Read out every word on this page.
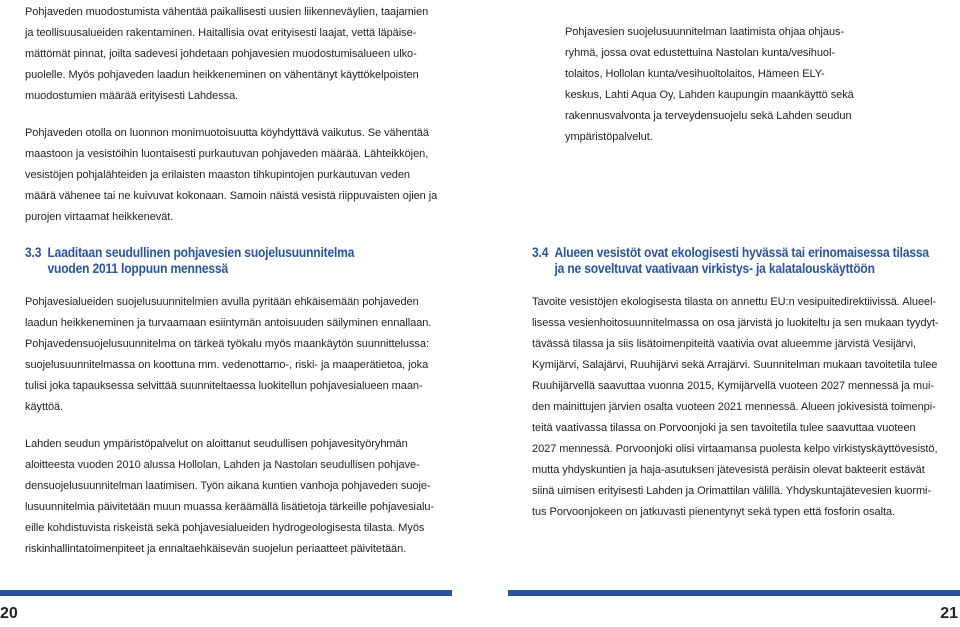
Pohjaveden muodostumista vähentää paikallisesti uusien liikenneväylien, taajamien
ja teollisuusalueiden rakentaminen. Haitallisia ovat erityisesti laajat, vettä läpäise-
mättömät pinnat, joilta sadevesi johdetaan pohjavesien muodostumisalueen ulko-
puolelle. Myös pohjaveden laadun heikkeneminen on vähentänyt käyttökelpoisten
muodostumien määrää erityisesti Lahdessa.

Pohjaveden otolla on luonnon monimuotoisuutta köyhdyttävä vaikutus. Se vähentää
maastoon ja vesistöihin luontaisesti purkautuvan pohjaveden määrää. Lähteikköjen,
vesistöjen pohjalähteiden ja erilaisten maaston tihkupintojen purkautuvan veden
määrä vähenee tai ne kuivuvat kokonaan. Samoin näistä vesistä riippuvaisten ojien ja
purojen virtaamat heikkenevät.

Pohjavesien suojelusuunnitelman laatimista ohjaa ohjaus-
ryhmä, jossa ovat edustettuina Nastolan kunta/vesihuol-
tolaitos, Hollolan kunta/vesihuoltolaitos, Hämeen ELY-
keskus, Lahti Aqua Oy, Lahden kaupungin maankäyttö sekä
rakennusvalvonta ja terveydensuojelu sekä Lahden seudun
ympäristöpalvelut.

3.3 Laaditaan seudullinen pohjavesien suojelusuunnitelma
vuoden 2011 loppuun mennessä
3.4 Alueen vesistöt ovat ekologisesti hyvässä tai erinomaisessa tilassa
ja ne soveltuvat vaativaan virkistys- ja kalatalouskäyttöön

Pohjavesialueiden suojelusuunnitelmien avulla pyritään ehkäisemään pohjaveden
laadun heikkeneminen ja turvaamaan esiintymän antoisuuden säilyminen ennallaan.
Pohjavedensuojelusuunnitelma on tärkeä työkalu myös maankäytön suunnittelussa:
suojelusuunnitelmassa on koottuna mm. vedenottamo-, riski- ja maaperätietoa, joka
tulisi joka tapauksessa selvittää suunniteltaessa luokitellun pohjavesialueen maan-
käyttöä.

Lahden seudun ympäristöpalvelut on aloittanut seudullisen pohjavesityöryhmän
aloitteesta vuoden 2010 alussa Hollolan, Lahden ja Nastolan seudullisen pohjave-
densuojelusuunnitelman laatimisen. Työn aikana kuntien vanhoja pohjaveden suoje-
lusuunnitelmia päivitetään muun muassa keräämällä lisätietoja tärkeille pohjavesialu-
eille kohdistuvista riskeistä sekä pohjavesialueiden hydrogeologisesta tilasta. Myös
riskinhallintatoimenpiteet ja ennaltaehkäisevän suojelun periaatteet päivitetään.

Tavoite vesistöjen ekologisesta tilasta on annettu EU:n vesipuitedirektiivissä. Alueel-
lisessa vesienhoitosuunnitelmassa on osa järvistä jo luokiteltu ja sen mukaan tyydyt-
tävässä tilassa ja siis lisätoimenpiteitä vaativia ovat alueemme järvistä Vesijärvi,
Kymijärvi, Salajärvi, Ruuhijärvi sekä Arrajärvi. Suunnitelman mukaan tavoitetila tulee
Ruuhijärvellä saavuttaa vuonna 2015, Kymijärvellä vuoteen 2027 mennessä ja mui-
den mainittujen järvien osalta vuoteen 2021 mennessä. Alueen jokivesistä toimenpi-
teitä vaativassa tilassa on Porvoonjoki ja sen tavoitetila tulee saavuttaa vuoteen
2027 mennessä. Porvoonjoki olisi virtaamansa puolesta kelpo virkistyskäyttövesistö,
mutta yhdyskuntien ja haja-asutuksen jätevesistä peräisin olevat bakteerit estävät
siinä uimisen erityisesti Lahden ja Orimattilan välillä. Yhdyskuntajätevesien kuormi-
tus Porvoonjokeen on jatkuvasti pienentynyt sekä typen että fosforin osalta.

20	21
